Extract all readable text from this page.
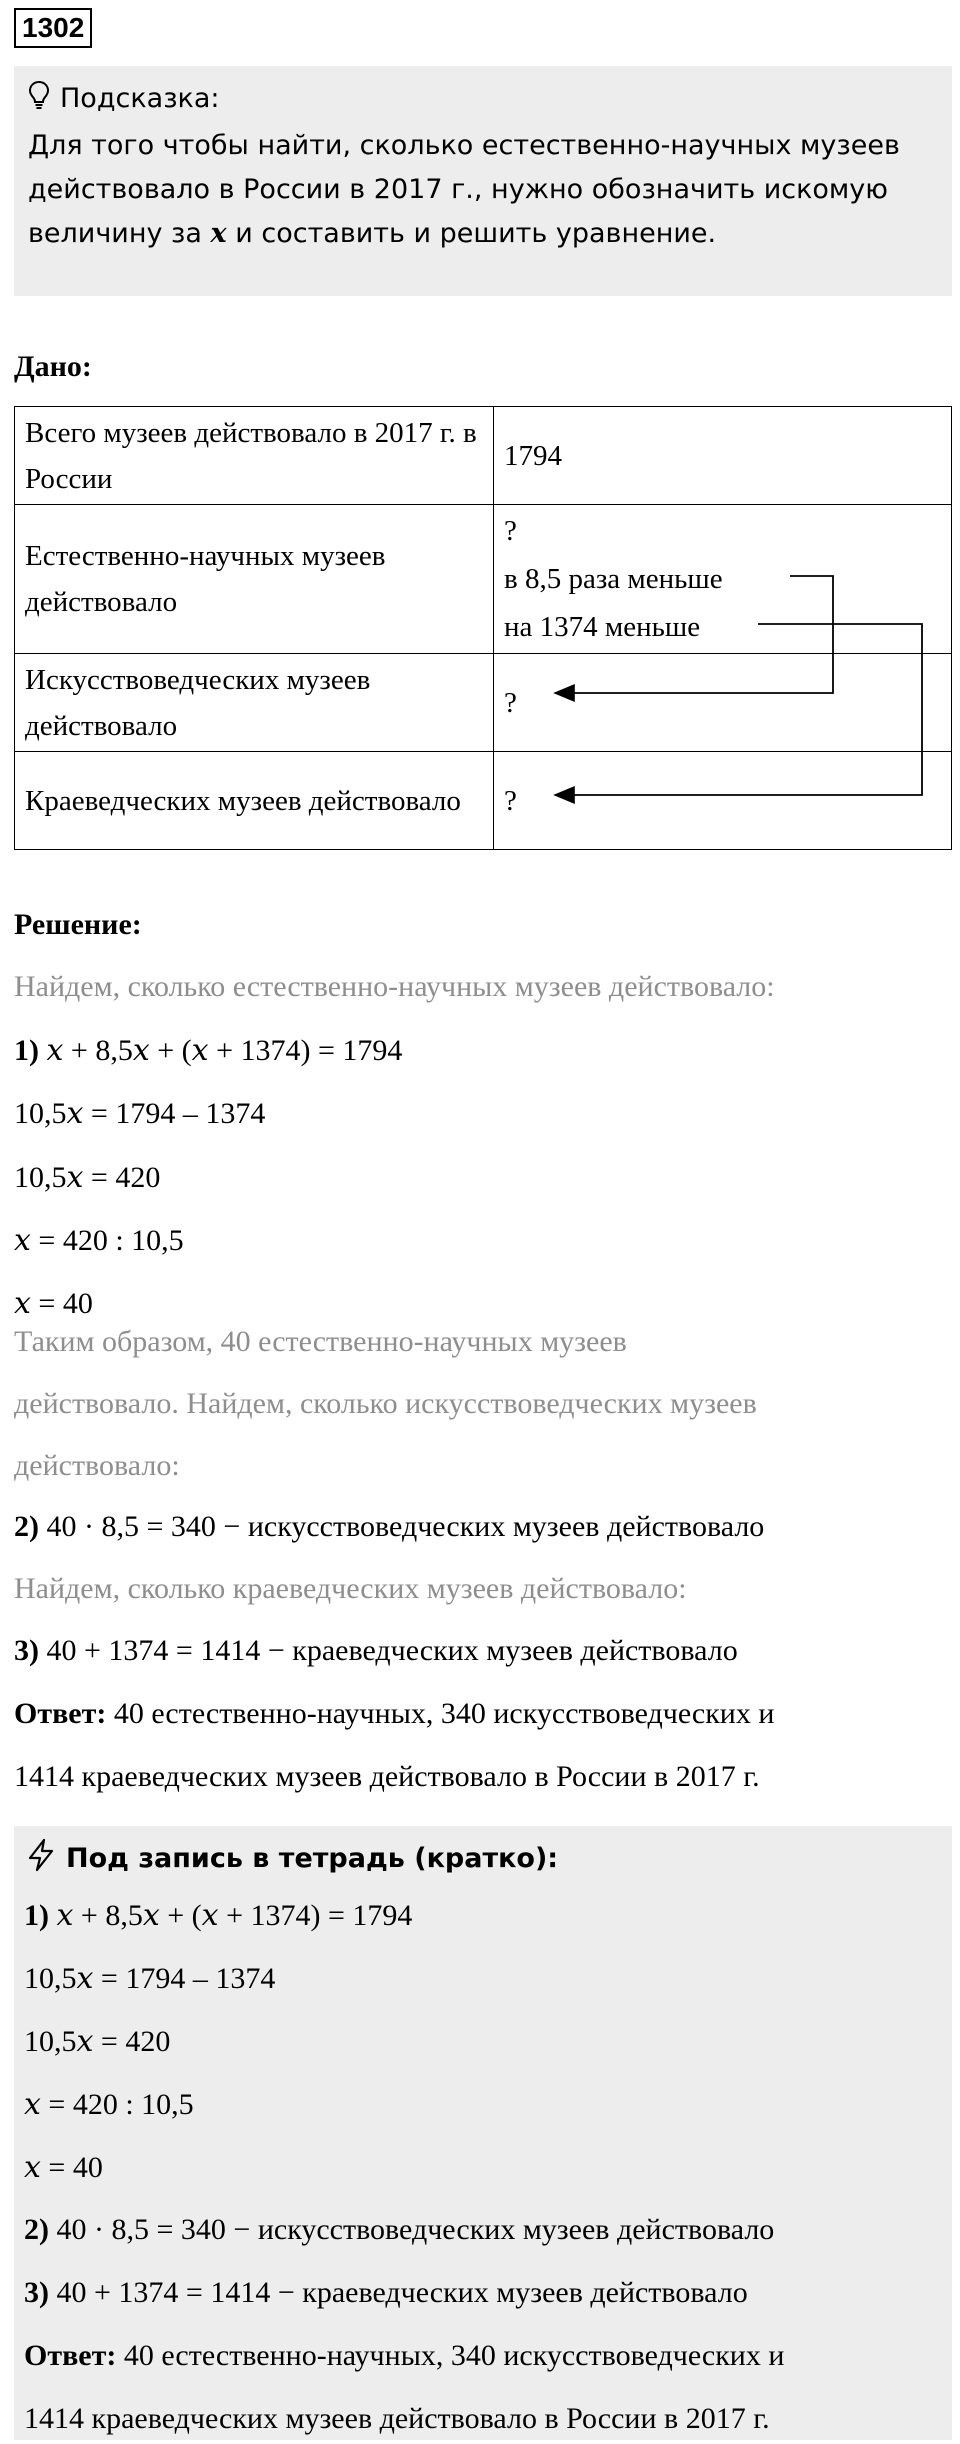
1302
Подсказка:
Для того чтобы найти, сколько естественно-научных музеев действовало в России в 2017 г., нужно обозначить искомую величину за x и составить и решить уравнение.
Дано:
Всего музеев действовало в 2017 г. в России	1794
Естественно-научных музеев действовало	?
в 8,5 раза меньше
на 1374 меньше

Искусствоведческих музеев действовало	?
Краеведческих музеев действовало	?
Решение:
Найдем, сколько естественно-научных музеев действовало:
1) 𝑥 + 8,5𝑥 + (𝑥 + 1374) = 1794
10,5𝑥 = 1794 – 1374
10,5𝑥 = 420
𝑥 = 420 : 10,5
𝑥 = 40
Таким образом, 40 естественно-научных музеев
действовало. Найдем, сколько искусствоведческих музеев
действовало:
2) 40 · 8,5 = 340 − искусствоведческих музеев действовало
Найдем, сколько краеведческих музеев действовало:
3) 40 + 1374 = 1414 − краеведческих музеев действовало
Ответ: 40 естественно-научных, 340 искусствоведческих и
1414 краеведческих музеев действовало в России в 2017 г.
Под запись в тетрадь (кратко):
1) 𝑥 + 8,5𝑥 + (𝑥 + 1374) = 1794
10,5𝑥 = 1794 – 1374
10,5𝑥 = 420
𝑥 = 420 : 10,5
𝑥 = 40
2) 40 · 8,5 = 340 − искусствоведческих музеев действовало
3) 40 + 1374 = 1414 − краеведческих музеев действовало
Ответ: 40 естественно-научных, 340 искусствоведческих и
1414 краеведческих музеев действовало в России в 2017 г.
